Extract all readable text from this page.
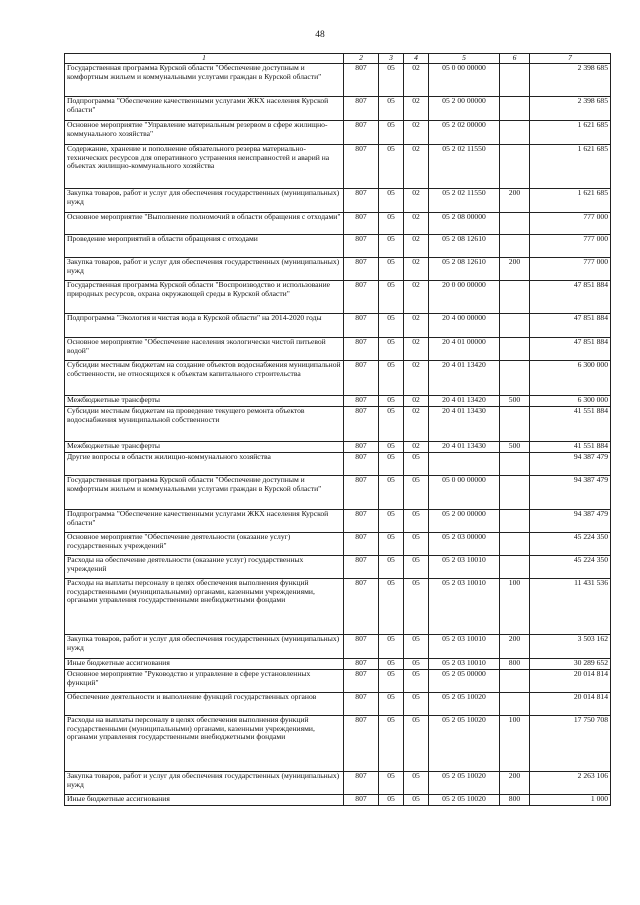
48
1	2	3	4	5	6	7
Государственная программа Курской области "Обеспечение доступным и комфортным жильем и коммунальными услугами граждан в Курской области"	807	05	02	05 0 00 00000		2 398 685
Подпрограмма "Обеспечение качественными услугами ЖКХ населения Курской области"	807	05	02	05 2 00 00000		2 398 685
Основное мероприятие "Управление материальным резервом в сфере жилищно-коммунального хозяйства"	807	05	02	05 2 02 00000		1 621 685
Содержание, хранение и пополнение обязательного резерва материально-технических ресурсов для оперативного устранения неисправностей и аварий на объектах жилищно-коммунального хозяйства	807	05	02	05 2 02 11550		1 621 685
Закупка товаров, работ и услуг для обеспечения государственных (муниципальных) нужд	807	05	02	05 2 02 11550	200	1 621 685
Основное мероприятие "Выполнение полномочий в области обращения с отходами"	807	05	02	05 2 08 00000		777 000
Проведение мероприятий в области обращения с отходами	807	05	02	05 2 08 12610		777 000
Закупка товаров, работ и услуг для обеспечения государственных (муниципальных) нужд	807	05	02	05 2 08 12610	200	777 000
Государственная программа Курской области "Воспроизводство и использование природных ресурсов, охрана окружающей среды в Курской области"	807	05	02	20 0 00 00000		47 851 884
Подпрограмма "Экология и чистая вода в Курской области" на 2014-2020 годы	807	05	02	20 4 00 00000		47 851 884
Основное мероприятие "Обеспечение населения экологически чистой питьевой водой"	807	05	02	20 4 01 00000		47 851 884
Субсидии местным бюджетам на создание объектов водоснабжения муниципальной собственности, не относящихся к объектам капитального строительства	807	05	02	20 4 01 13420		6 300 000
Межбюджетные трансферты	807	05	02	20 4 01 13420	500	6 300 000
Субсидии местным бюджетам на проведение текущего ремонта объектов водоснабжения муниципальной собственности	807	05	02	20 4 01 13430		41 551 884
Межбюджетные трансферты	807	05	02	20 4 01 13430	500	41 551 884
Другие вопросы в области жилищно-коммунального хозяйства	807	05	05			94 387 479
Государственная программа Курской области "Обеспечение доступным и комфортным жильем и коммунальными услугами граждан в Курской области"	807	05	05	05 0 00 00000		94 387 479
Подпрограмма "Обеспечение качественными услугами ЖКХ населения Курской области"	807	05	05	05 2 00 00000		94 387 479
Основное мероприятие "Обеспечение деятельности (оказание услуг) государственных учреждений"	807	05	05	05 2 03 00000		45 224 350
Расходы на обеспечение деятельности (оказание услуг) государственных учреждений	807	05	05	05 2 03 10010		45 224 350
Расходы на выплаты персоналу в целях обеспечения выполнения функций государственными (муниципальными) органами, казенными учреждениями, органами управления государственными внебюджетными фондами	807	05	05	05 2 03 10010	100	11 431 536
Закупка товаров, работ и услуг для обеспечения государственных (муниципальных) нужд	807	05	05	05 2 03 10010	200	3 503 162
Иные бюджетные ассигнования	807	05	05	05 2 03 10010	800	30 289 652
Основное мероприятие "Руководство и управление в сфере установленных функций"	807	05	05	05 2 05 00000		20 014 814
Обеспечение деятельности и выполнение функций государственных органов	807	05	05	05 2 05 10020		20 014 814
Расходы на выплаты персоналу в целях обеспечения выполнения функций государственными (муниципальными) органами, казенными учреждениями, органами управления государственными внебюджетными фондами	807	05	05	05 2 05 10020	100	17 750 708
Закупка товаров, работ и услуг для обеспечения государственных (муниципальных) нужд	807	05	05	05 2 05 10020	200	2 263 106
Иные бюджетные ассигнования	807	05	05	05 2 05 10020	800	1 000
